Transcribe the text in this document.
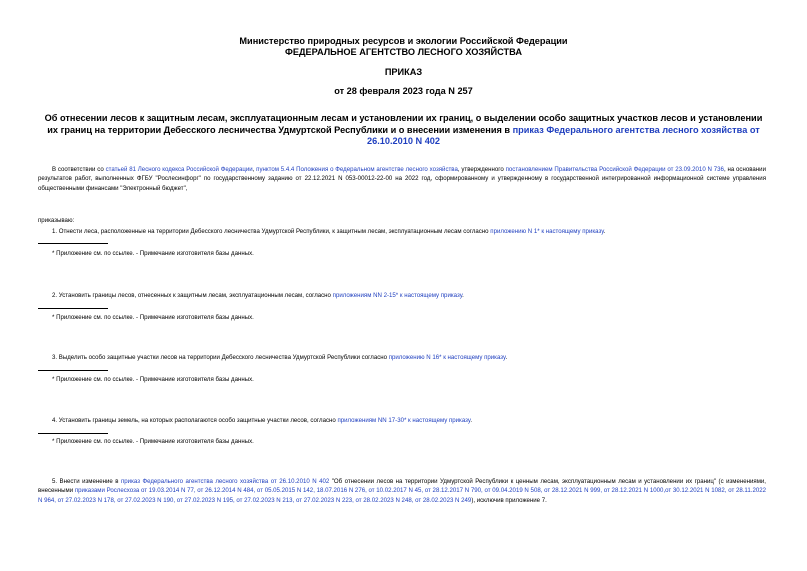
Министерство природных ресурсов и экологии Российской Федерации
ФЕДЕРАЛЬНОЕ АГЕНТСТВО ЛЕСНОГО ХОЗЯЙСТВА
ПРИКАЗ
от 28 февраля 2023 года N 257
Об отнесении лесов к защитным лесам, эксплуатационным лесам и установлении их границ, о выделении особо защитных участков лесов и установлении их границ на территории Дебесского лесничества Удмуртской Республики и о внесении изменения в приказ Федерального агентства лесного хозяйства от 26.10.2010 N 402
В соответствии со статьей 81 Лесного кодекса Российской Федерации, пунктом 5.4.4 Положения о Федеральном агентстве лесного хозяйства, утвержденного постановлением Правительства Российской Федерации от 23.09.2010 N 736, на основании результатов работ, выполненных ФГБУ "Рослесинфорг" по государственному заданию от 22.12.2021 N 053-00012-22-00 на 2022 год, сформированному и утвержденному в государственной интегрированной информационной системе управления общественными финансами "Электронный бюджет",
приказываю:
1. Отнести леса, расположенные на территории Дебесского лесничества Удмуртской Республики, к защитным лесам, эксплуатационным лесам согласно приложению N 1* к настоящему приказу.
* Приложение см. по ссылке. - Примечание изготовителя базы данных.
2. Установить границы лесов, отнесенных к защитным лесам, эксплуатационным лесам, согласно приложениям NN 2-15* к настоящему приказу.
* Приложение см. по ссылке. - Примечание изготовителя базы данных.
3. Выделить особо защитные участки лесов на территории Дебесского лесничества Удмуртской Республики согласно приложению N 16* к настоящему приказу.
* Приложение см. по ссылке. - Примечание изготовителя базы данных.
4. Установить границы земель, на которых располагаются особо защитные участки лесов, согласно приложениям NN 17-30* к настоящему приказу.
* Приложение см. по ссылке. - Примечание изготовителя базы данных.
5. Внести изменение в приказ Федерального агентства лесного хозяйства от 26.10.2010 N 402 "Об отнесении лесов на территории Удмуртской Республики к ценным лесам, эксплуатационным лесам и установлении их границ" (с изменениями, внесенными приказами Рослесхоза от 19.03.2014 N 77, от 26.12.2014 N 484, от 05.05.2015 N 142, 18.07.2016 N 276, от 10.02.2017 N 45, от 28.12.2017 N 790, от 09.04.2019 N 508, от 28.12.2021 N 999, от 28.12.2021 N 1000,от 30.12.2021 N 1082, от 28.11.2022 N 964, от 27.02.2023 N 178, от 27.02.2023 N 190, от 27.02.2023 N 195, от 27.02.2023 N 213, от 27.02.2023 N 223, от 28.02.2023 N 248, от 28.02.2023 N 249), исключив приложение 7.
